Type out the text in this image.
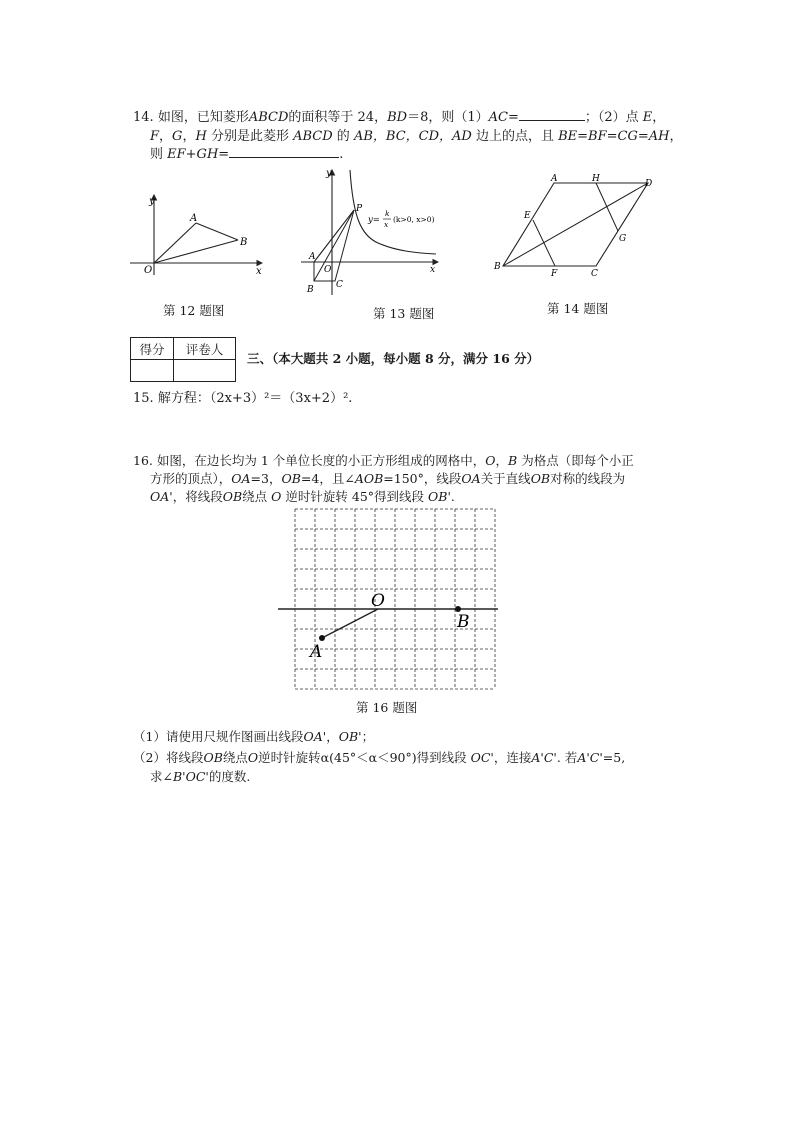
14. 如图，已知菱形ABCD的面积等于 24，BD＝8，则（1）AC=	；（2）点 E，
F，G，H 分别是此菱形 ABCD 的 AB，BC，CD，AD 边上的点，且 BE=BF=CG=AH，
则 EF+GH=	.
y
x
O
A
B
第 12 题图
y
x
P
A
O
B C
y=
k
x
(k>0, x>0)
第 13 题图
A	H	D
E
G
B
F	C
第 14 题图
得分	评卷人

三、（本大题共 2 小题，每小题 8 分，满分 16 分）
15. 解方程：（2x+3）²＝（3x+2）².
16. 如图，在边长均为 1 个单位长度的小正方形组成的网格中，O，B 为格点（即每个小正
方形的顶点），OA=3，OB=4，且∠AOB=150°，线段OA关于直线OB对称的线段为
OA'，将线段OB绕点 O 逆时针旋转 45°得到线段 OB'.
O
B
A
第 16 题图
（1）请使用尺规作图画出线段OA'，OB'；
（2）将线段OB绕点O逆时针旋转α(45°＜α＜90°)得到线段 OC'，连接A'C'. 若A'C'=5,
求∠B'OC'的度数.
